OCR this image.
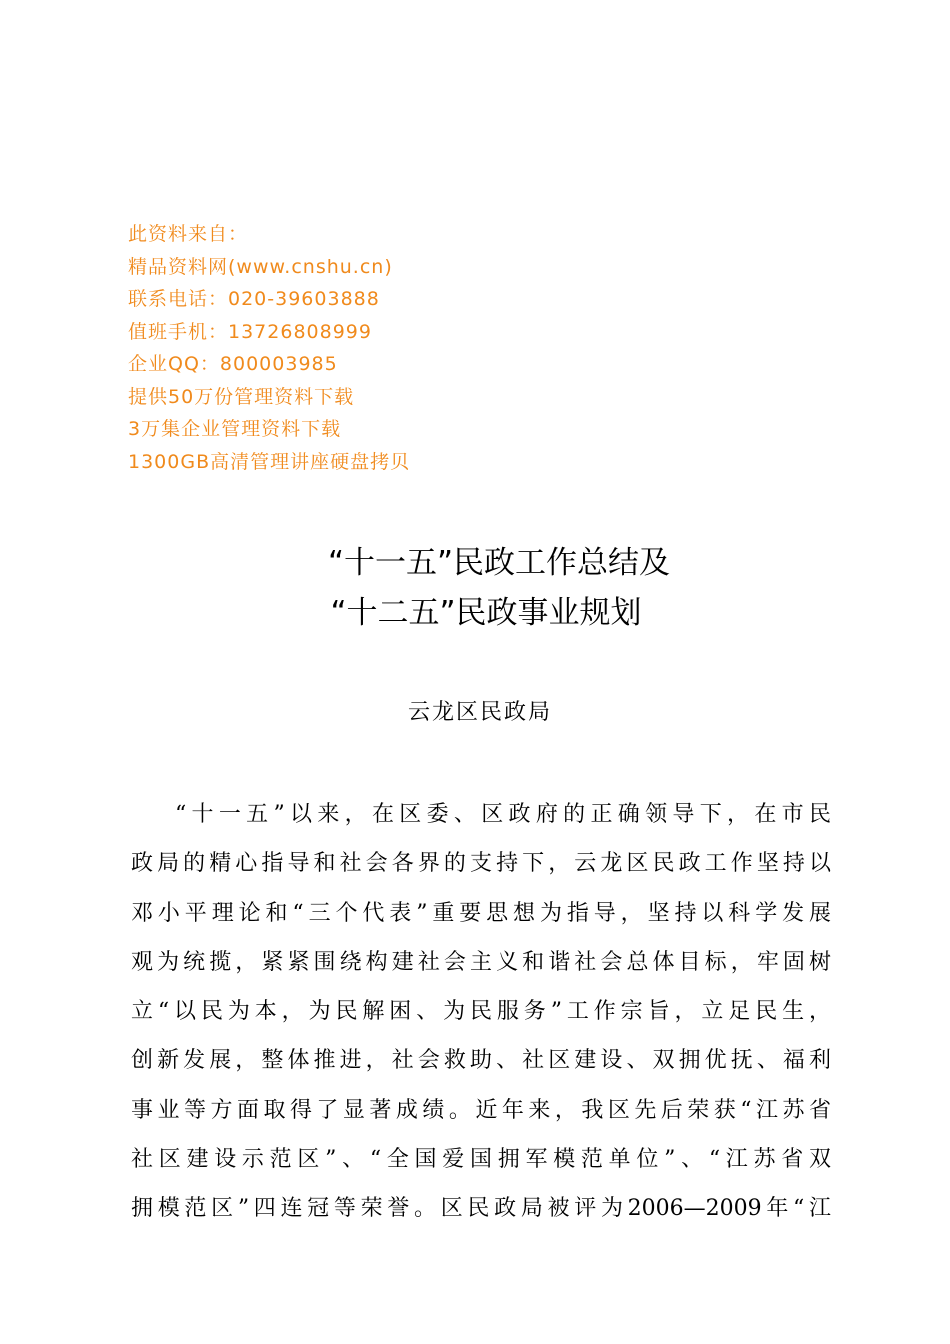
此资料来自：
精品资料网(www.cnshu.cn)
联系电话：020-39603888
值班手机：13726808999
企业QQ：800003985
提供50万份管理资料下载
3万集企业管理资料下载
1300GB高清管理讲座硬盘拷贝
“十一五”民政工作总结及
“十二五”民政事业规划
云龙区民政局
“十一五”以来，在区委、区政府的正确领导下，在市民
政局的精心指导和社会各界的支持下，云龙区民政工作坚持以
邓小平理论和“三个代表”重要思想为指导，坚持以科学发展
观为统揽，紧紧围绕构建社会主义和谐社会总体目标，牢固树
立“以民为本，为民解困、为民服务”工作宗旨，立足民生，
创新发展，整体推进，社会救助、社区建设、双拥优抚、福利
事业等方面取得了显著成绩。近年来，我区先后荣获“江苏省
社区建设示范区”、“全国爱国拥军模范单位”、“江苏省双
拥模范区”四连冠等荣誉。区民政局被评为2006—2009年“江
